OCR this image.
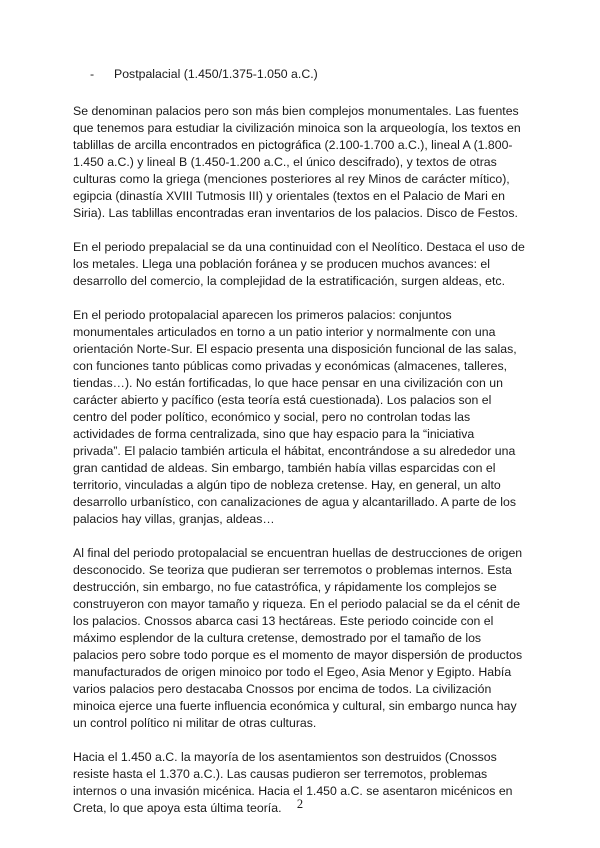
-	Postpalacial (1.450/1.375-1.050 a.C.)

Se denominan palacios pero son más bien complejos monumentales. Las fuentes que tenemos para estudiar la civilización minoica son la arqueología, los textos en tablillas de arcilla encontrados en pictográfica (2.100-1.700 a.C.), lineal A (1.800-1.450 a.C.) y lineal B (1.450-1.200 a.C., el único descifrado), y textos de otras culturas como la griega (menciones posteriores al rey Minos de carácter mítico), egipcia (dinastía XVIII Tutmosis III) y orientales (textos en el Palacio de Mari en Siria). Las tablillas encontradas eran inventarios de los palacios. Disco de Festos.

En el periodo prepalacial se da una continuidad con el Neolítico. Destaca el uso de los metales. Llega una población foránea y se producen muchos avances: el desarrollo del comercio, la complejidad de la estratificación, surgen aldeas, etc.

En el periodo protopalacial aparecen los primeros palacios: conjuntos monumentales articulados en torno a un patio interior y normalmente con una orientación Norte-Sur. El espacio presenta una disposición funcional de las salas, con funciones tanto públicas como privadas y económicas (almacenes, talleres, tiendas…). No están fortificadas, lo que hace pensar en una civilización con un carácter abierto y pacífico (esta teoría está cuestionada). Los palacios son el centro del poder político, económico y social, pero no controlan todas las actividades de forma centralizada, sino que hay espacio para la “iniciativa privada”. El palacio también articula el hábitat, encontrándose a su alrededor una gran cantidad de aldeas. Sin embargo, también había villas esparcidas con el territorio, vinculadas a algún tipo de nobleza cretense. Hay, en general, un alto desarrollo urbanístico, con canalizaciones de agua y alcantarillado. A parte de los palacios hay villas, granjas, aldeas…

Al final del periodo protopalacial se encuentran huellas de destrucciones de origen desconocido. Se teoriza que pudieran ser terremotos o problemas internos. Esta destrucción, sin embargo, no fue catastrófica, y rápidamente los complejos se construyeron con mayor tamaño y riqueza. En el periodo palacial se da el cénit de los palacios. Cnossos abarca casi 13 hectáreas. Este periodo coincide con el máximo esplendor de la cultura cretense, demostrado por el tamaño de los palacios pero sobre todo porque es el momento de mayor dispersión de productos manufacturados de origen minoico por todo el Egeo, Asia Menor y Egipto. Había varios palacios pero destacaba Cnossos por encima de todos. La civilización minoica ejerce una fuerte influencia económica y cultural, sin embargo nunca hay un control político ni militar de otras culturas.

Hacia el 1.450 a.C. la mayoría de los asentamientos son destruidos (Cnossos resiste hasta el 1.370 a.C.). Las causas pudieron ser terremotos, problemas internos o una invasión micénica. Hacia el 1.450 a.C. se asentaron micénicos en Creta, lo que apoya esta última teoría.	2
